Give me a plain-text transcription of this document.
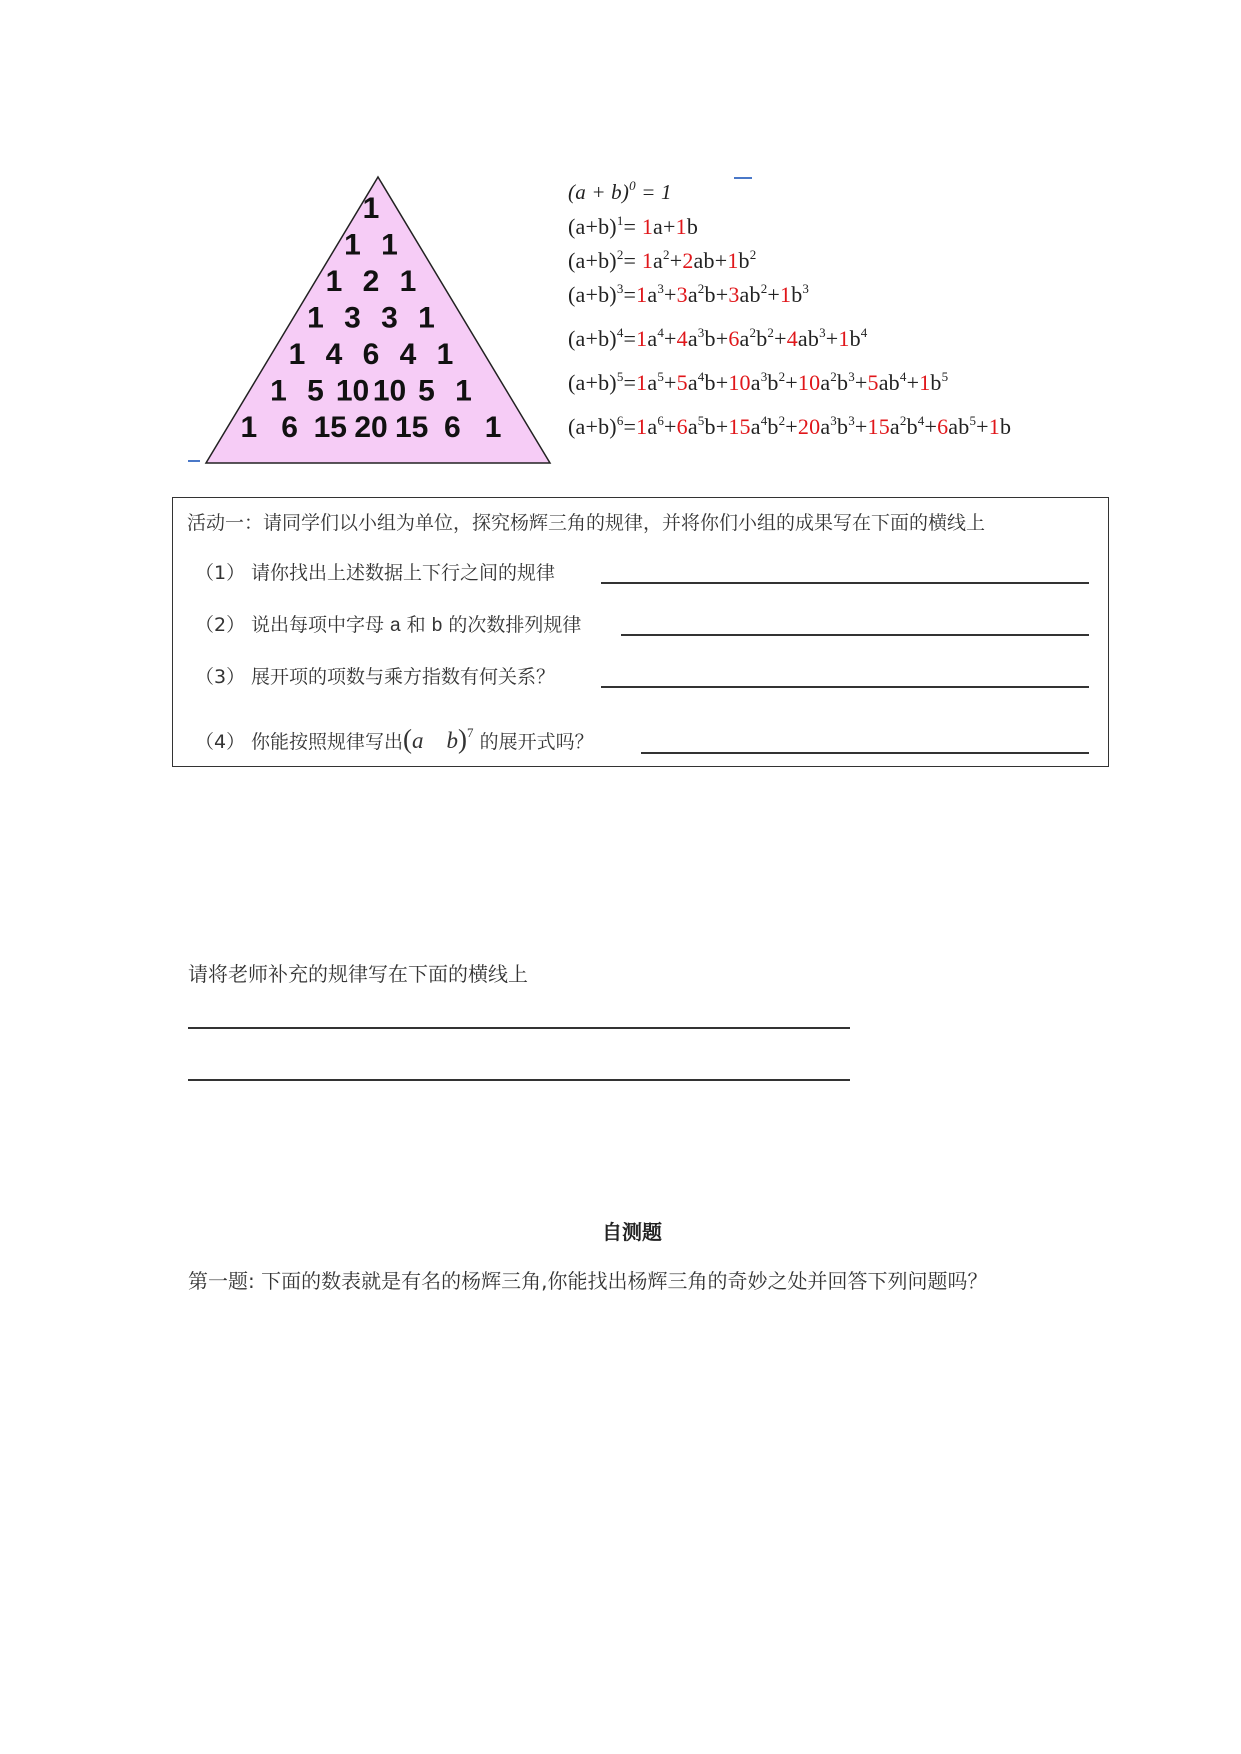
1
1 1
1 2 1
1 3 3 1
1 4 6 4 1
1 5 10 10 5 1
1 6 15 20 15 6 1
$(a + b)^0 = 1$
$(a+b)^1= 1a+1b$
$(a+b)^2= 1a^2+2ab+1b^2$
$(a+b)^3=1a^3+3a^2b+3ab^2+1b^3$
$(a+b)^4=1a^4+4a^3b+6a^2b^2+4ab^3+1b^4$
$(a+b)^5=1a^5+5a^4b+10a^3b^2+10a^2b^3+5ab^4+1b^5$
$(a+b)^6=1a^6+6a^5b+15a^4b^2+20a^3b^3+15a^2b^4+6ab^5+1b$
活动一：请同学们以小组为单位，探究杨辉三角的规律，并将你们小组的成果写在下面的横线上
（1） 请你找出上述数据上下行之间的规律
（2） 说出每项中字母 a 和 b 的次数排列规律
（3） 展开项的项数与乘方指数有何关系？
（4） 你能按照规律写出(a b)$^7$ 的展开式吗？
请将老师补充的规律写在下面的横线上
自测题
第一题: 下面的数表就是有名的杨辉三角,你能找出杨辉三角的奇妙之处并回答下列问题吗？
